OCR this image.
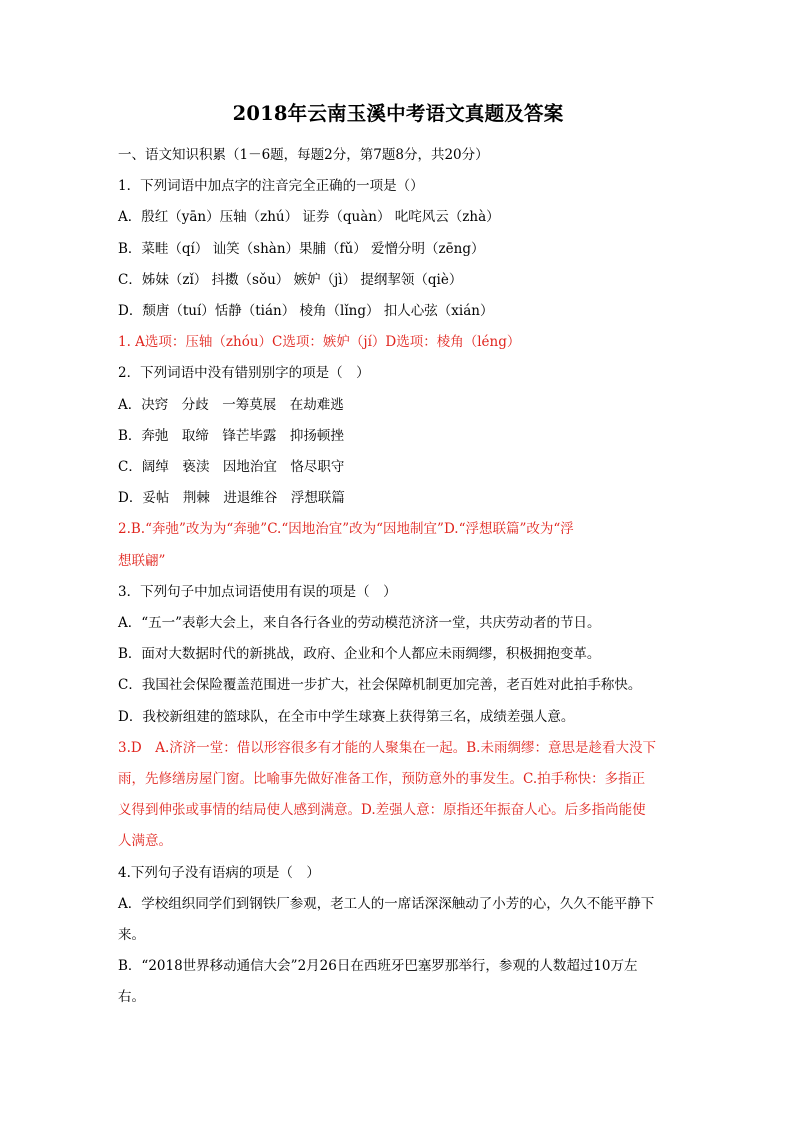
2018年云南玉溪中考语文真题及答案

一、语文知识积累（1－6题，每题2分，第7题8分，共20分）

1．下列词语中加点字的注音完全正确的一项是（）

A．殷红（yān）压轴（zhú） 证券（quàn） 叱咤风云（zhà）

B．菜畦（qí） 讪笑（shàn）果脯（fǔ） 爱憎分明（zēng）

C．姊妹（zǐ） 抖擞（sǒu） 嫉妒（jì） 提纲挈领（qiè）

D．颓唐（tuí）恬静（tián） 棱角（lǐng） 扣人心弦（xián）

1. A选项：压轴（zhóu）C选项：嫉妒（jí）D选项：棱角（léng）

2．下列词语中没有错别别字的项是（　）

A．决窍　分歧　一筹莫展　在劫难逃

B．奔弛　取缔　锋芒毕露　抑扬顿挫

C．阔绰　亵渎　因地治宜　恪尽职守

D．妥帖　荆棘　进退维谷　浮想联篇

2.B.“奔弛”改为为“奔驰”C.“因地治宜”改为“因地制宜”D.“浮想联篇”改为“浮

想联翩”

3．下列句子中加点词语使用有误的项是（　）

A．“五一”表彰大会上，来自各行各业的劳动模范济济一堂，共庆劳动者的节日。

B．面对大数据时代的新挑战，政府、企业和个人都应未雨绸缪，积极拥抱变革。

C．我国社会保险覆盖范围进一步扩大，社会保障机制更加完善，老百姓对此拍手称快。

D．我校新组建的篮球队，在全市中学生球赛上获得第三名，成绩差强人意。

3.D　A.济济一堂：借以形容很多有才能的人聚集在一起。B.未雨绸缪：意思是趁看大没下

雨，先修缮房屋门窗。比喻事先做好准备工作，预防意外的事发生。C.拍手称快：多指正

义得到伸张或事情的结局使人感到满意。D.差强人意：原指还年振奋人心。后多指尚能使

人满意。

4.下列句子没有语病的项是（　）

A．学校组织同学们到钢铁厂参观，老工人的一席话深深触动了小芳的心，久久不能平静下

来。

B．“2018世界移动通信大会”2月26日在西班牙巴塞罗那举行，参观的人数超过10万左

右。
